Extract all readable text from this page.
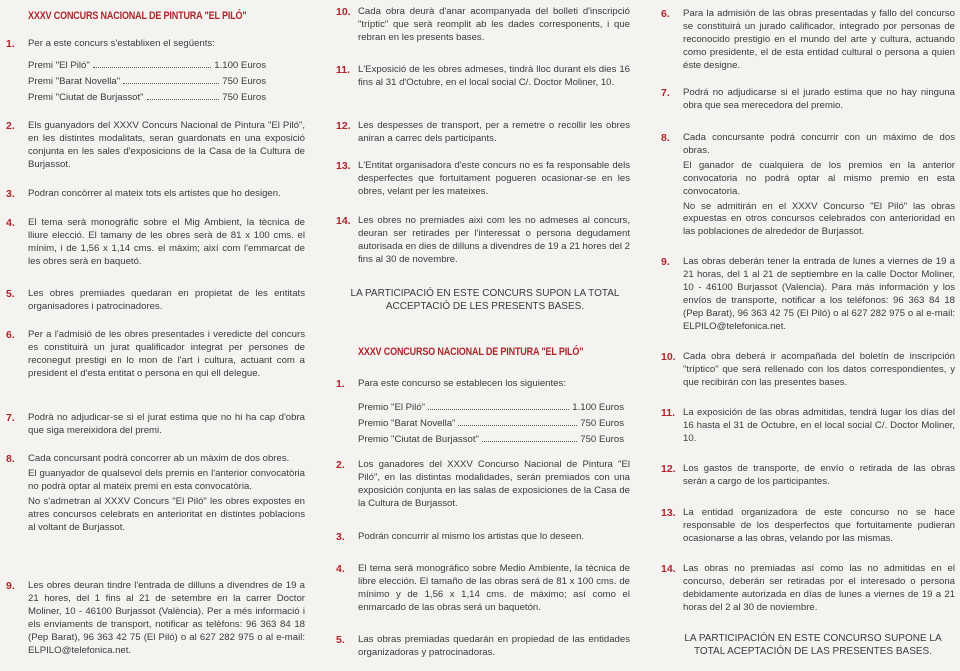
XXXV CONCURS NACIONAL DE PINTURA "EL PILÓ"
1. Per a este concurs s'establixen el següents:
Premi "El Piló"	1.100 Euros
Premi "Barat Novella"	750 Euros
Premi "Ciutat de Burjassot"	750 Euros
2. Els guanyadors del XXXV Concurs Nacional de Pintura "El Piló", en les distintes modalitats, seran guardonats en una exposició conjunta en les sales d'exposicions de la Casa de la Cultura de Burjassot.
3. Podran concòrrer al mateix tots els artistes que ho desigen.
4. El tema serà monogràfic sobre el Mig Ambient, la tècnica de lliure elecció. El tamany de les obres serà de 81 x 100 cms. el mínim, i de 1,56 x 1,14 cms. el màxim; així com l'emmarcat de les obres serà en baquetó.
5. Les obres premiades quedaran en propietat de les entitats organisadores i patrocinadores.
6. Per a l'admisió de les obres presentades i veredicte del concurs es constituirà un jurat qualificador integrat per persones de reconegut prestigi en lo mon de l'art i cultura, actuant com a president el d'esta entitat o persona en qui ell delegue.
7. Podrà no adjudicar-se si el jurat estima que no hi ha cap d'obra que siga mereixidora del premi.
8. Cada concursant podrà concorrer ab un màxim de dos obres.

El guanyador de qualsevol dels premis en l'anterior convocatòria no podrà optar al mateix premi en esta convocatòria.

No s'admetran al XXXV Concurs "El Piló" les obres expostes en atres concursos celebrats en anterioritat en distintes poblacions al voltant de Burjassot.

9. Les obres deuran tindre l'entrada de dilluns a divendres de 19 a 21 hores, del 1 fins al 21 de setembre en la carrer Doctor Moliner, 10 - 46100 Burjassot (València). Per a més informació i els enviaments de transport, notificar as telèfons: 96 363 84 18 (Pep Barat), 96 363 42 75 (El Piló) o al 627 282 975 o al e-mail: ELPILO@telefonica.net.
10. Cada obra deurà d'anar acompanyada del bolleti d'inscripció "tríptic" que serà reomplit ab les dades corresponents, i que rebran en les presents bases.
11. L'Exposició de les obres admeses, tindrà lloc durant els dies 16 fins al 31 d'Octubre, en el local social C/. Doctor Moliner, 10.
12. Les despesses de transport, per a remetre o recollir les obres aniran a carrec dels participants.
13. L'Entitat organisadora d'este concurs no es fa responsable dels desperfectes que fortuitament pogueren ocasionar-se en les obres, velant per les mateixes.
14. Les obres no premiades aixi com les no admeses al concurs, deuran ser retirades per l'interessat o persona degudament autorisada en dies de dilluns a divendres de 19 a 21 hores del 2 fins al 30 de novembre.
LA PARTICIPACIÓ EN ESTE CONCURS SUPON LA TOTAL ACCEPTACIÓ DE LES PRESENTS BASES.
XXXV CONCURSO NACIONAL DE PINTURA "EL PILÓ"
1. Para este concurso se establecen los siguientes:
Premio "El Piló"	1.100 Euros
Premio "Barat Novella"	750 Euros
Premio "Ciutat de Burjassot"	750 Euros
2. Los ganadores del XXXV Concurso Nacional de Pintura "El Piló", en las distintas modalidades, serán premiados con una exposición conjunta en las salas de exposiciones de la Casa de la Cultura de Burjassot.
3. Podrán concurrir al mismo los artistas que lo deseen.
4. El tema será monográfico sobre Medio Ambiente, la técnica de libre elección. El tamaño de las obras será de 81 x 100 cms. de mínimo y de 1,56 x 1,14 cms. de máximo; así como el enmarcado de las obras será un baquetón.
5. Las obras premiadas quedarán en propiedad de las entidades organizadoras y patrocinadoras.
6. Para la admisión de las obras presentadas y fallo del concurso se constituirá un jurado calificador, integrado por personas de reconocido prestigio en el mundo del arte y cultura, actuando como presidente, el de esta entidad cultural o persona a quien éste designe.
7. Podrá no adjudicarse si el jurado estima que no hay ninguna obra que sea merecedora del premio.
8. Cada concursante podrá concurrir con un máximo de dos obras.

El ganador de cualquiera de los premios en la anterior convocatoria no podrá optar al mismo premio en esta convocatoria.

No se admitirán en el XXXV Concurso "El Piló" las obras expuestas en otros concursos celebrados con anterioridad en las poblaciones de alrededor de Burjassot.

9. Las obras deberán tener la entrada de lunes a viernes de 19 a 21 horas, del 1 al 21 de septiembre en la calle Doctor Moliner, 10 - 46100 Burjassot (Valencia). Para más información y los envíos de transporte, notificar a los teléfonos: 96 363 84 18 (Pep Barat), 96 363 42 75 (El Piló) o al 627 282 975 o al e-mail: ELPILO@telefonica.net.
10. Cada obra deberá ir acompañada del boletín de inscripción "tríptico" que será rellenado con los datos correspondientes, y que recibirán con las presentes bases.
11. La exposición de las obras admitidas, tendrá lugar los días del 16 hasta el 31 de Octubre, en el local social C/. Doctor Moliner, 10.
12. Los gastos de transporte, de envío o retirada de las obras serán a cargo de los participantes.
13. La entidad organizadora de este concurso no se hace responsable de los desperfectos que fortuitamente pudieran ocasionarse a las obras, velando por las mismas.
14. Las obras no premiadas así como las no admitidas en el concurso, deberán ser retiradas por el interesado o persona debidamente autorizada en días de lunes a viernes de 19 a 21 horas del 2 al 30 de noviembre.
LA PARTICIPACIÓN EN ESTE CONCURSO SUPONE LA TOTAL ACEPTACIÓN DE LAS PRESENTES BASES.
